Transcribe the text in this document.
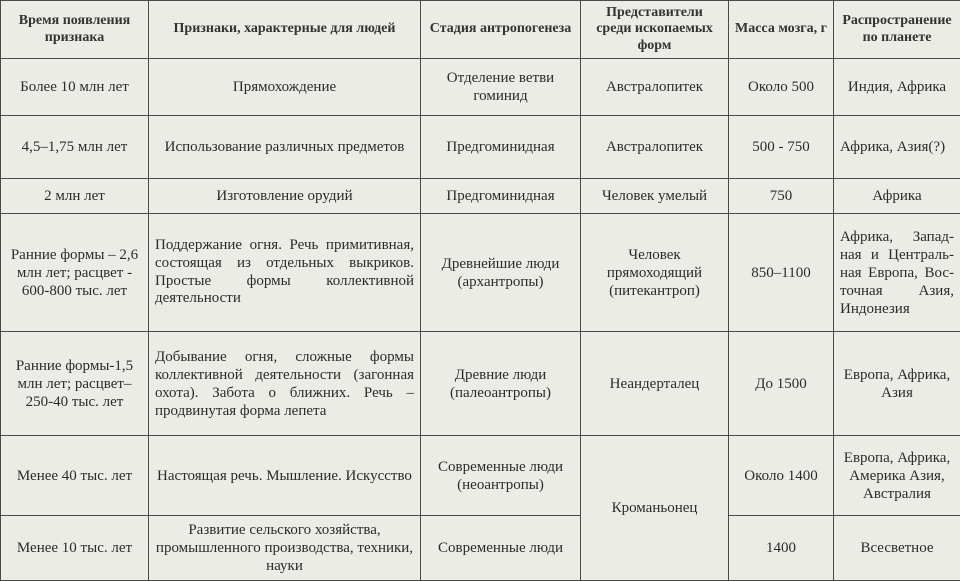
Время появления признака	Признаки, характерные для людей	Стадия антропогенеза	Представители среди ископаемых форм	Масса мозга, г	Распространение по планете
Более 10 млн лет	Прямохождение	Отделение ветви гоминид	Австралопитек	Около 500	Индия, Африка
4,5–1,75 млн лет	Использование различных предметов	Предгоминидная	Австралопитек	500 - 750	Африка, Азия(?)
2 млн лет	Изготовление орудий	Предгоминидная	Человек умелый	750	Африка
Ранние формы – 2,6 млн лет; расцвет - 600-800 тыс. лет	Поддержание огня. Речь примитивная, состоящая из отдельных выкриков. Простые формы коллективной деятельности	Древнейшие люди (архантропы)	Человек прямоходящий (питекантроп)	850–1100	Африка, Запад-ная и Централь-ная Европа, Вос-точная Азия, Индонезия
Ранние формы-1,5 млн лет; расцвет–250-40 тыс. лет	Добывание огня, сложные формы коллективной деятельности (загонная охота). Забота о ближних. Речь – продвинутая форма лепета	Древние люди (палеоантропы)	Неандерталец	До 1500	Европа, Африка, Азия
Менее 40 тыс. лет	Настоящая речь. Мышление. Искусство	Современные люди (неоантропы)	Кроманьонец	Около 1400	Европа, Африка, Америка Азия, Австралия
Менее 10 тыс. лет	Развитие сельского хозяйства, промышленного производства, техники, науки	Современные люди		1400	Всесветное
